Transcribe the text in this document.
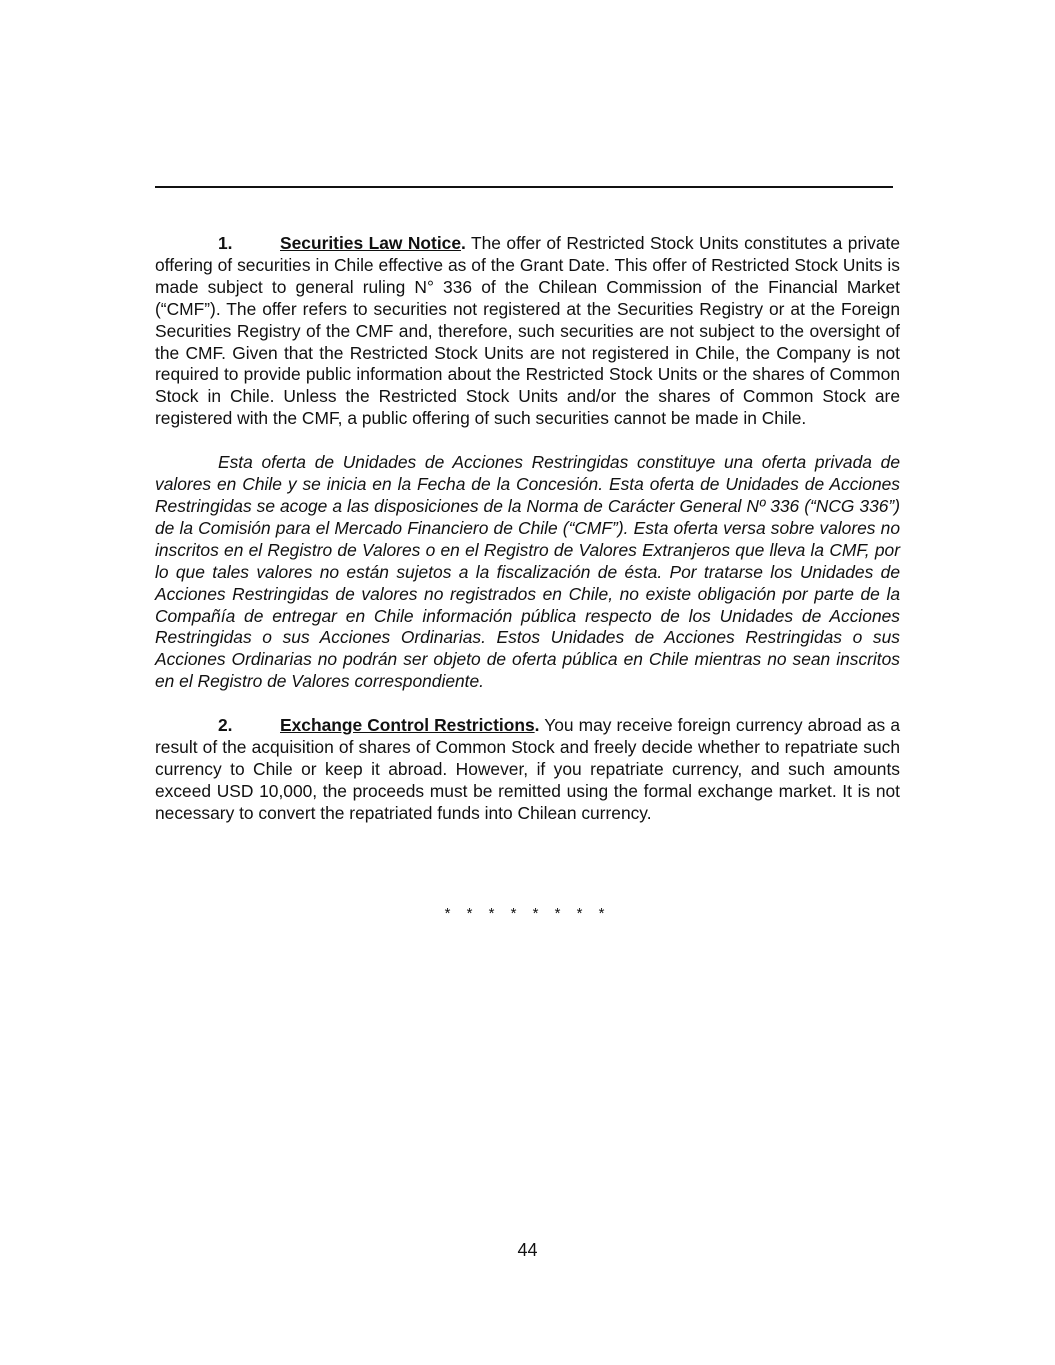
1.	Securities Law Notice. The offer of Restricted Stock Units constitutes a private offering of securities in Chile effective as of the Grant Date. This offer of Restricted Stock Units is made subject to general ruling N° 336 of the Chilean Commission of the Financial Market (“CMF”). The offer refers to securities not registered at the Securities Registry or at the Foreign Securities Registry of the CMF and, therefore, such securities are not subject to the oversight of the CMF. Given that the Restricted Stock Units are not registered in Chile, the Company is not required to provide public information about the Restricted Stock Units or the shares of Common Stock in Chile. Unless the Restricted Stock Units and/or the shares of Common Stock are registered with the CMF, a public offering of such securities cannot be made in Chile.

Esta oferta de Unidades de Acciones Restringidas constituye una oferta privada de valores en Chile y se inicia en la Fecha de la Concesión. Esta oferta de Unidades de Acciones Restringidas se acoge a las disposiciones de la Norma de Carácter General Nº 336 (“NCG 336”) de la Comisión para el Mercado Financiero de Chile (“CMF”). Esta oferta versa sobre valores no inscritos en el Registro de Valores o en el Registro de Valores Extranjeros que lleva la CMF, por lo que tales valores no están sujetos a la fiscalización de ésta. Por tratarse los Unidades de Acciones Restringidas de valores no registrados en Chile, no existe obligación por parte de la Compañía de entregar en Chile información pública respecto de los Unidades de Acciones Restringidas o sus Acciones Ordinarias. Estos Unidades de Acciones Restringidas o sus Acciones Ordinarias no podrán ser objeto de oferta pública en Chile mientras no sean inscritos en el Registro de Valores correspondiente.

2.	Exchange Control Restrictions. You may receive foreign currency abroad as a result of the acquisition of shares of Common Stock and freely decide whether to repatriate such currency to Chile or keep it abroad. However, if you repatriate currency, and such amounts exceed USD 10,000, the proceeds must be remitted using the formal exchange market. It is not necessary to convert the repatriated funds into Chilean currency.

* * * * * * * *
44
